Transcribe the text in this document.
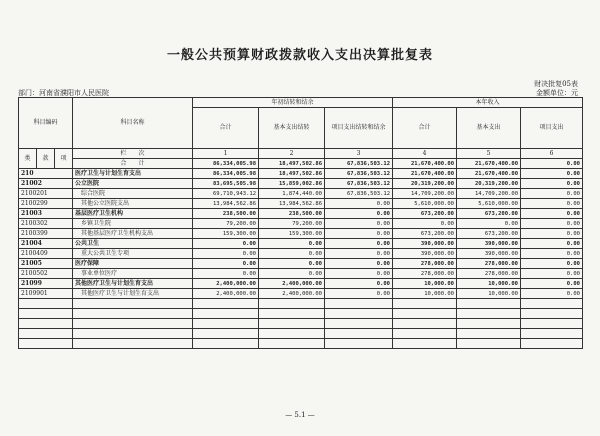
一般公共预算财政拨款收入支出决算批复表
财决批复05表
部门：河南省濮阳市人民医院	金额单位：元
科目编码			科目名称	年初结转和结余			本年收入		
				合计	基本支出结转	项目支出结转和结余	合计	基本支出	项目支出
类	款	项	栏　　次	1	2	3	4	5	6
			合　　计	86,334,005.98	18,497,502.86	67,836,503.12	21,670,400.00	21,670,400.00	0.00
210			医疗卫生与计划生育支出	86,334,005.98	18,497,502.86	67,836,503.12	21,670,400.00	21,670,400.00	0.00
21002			公立医院	83,695,505.98	15,859,002.86	67,836,503.12	20,319,200.00	20,319,200.00	0.00
2100201			综合医院	69,710,943.12	1,874,440.00	67,836,503.12	14,709,200.00	14,709,200.00	0.00
2100299			其他公立医院支出	13,984,562.86	13,984,562.86	0.00	5,610,000.00	5,610,000.00	0.00
21003			基层医疗卫生机构	238,500.00	238,500.00	0.00	673,200.00	673,200.00	0.00
2100302			乡镇卫生院	79,200.00	79,200.00	0.00	0.00	0.00	0.00
2100399			其他基层医疗卫生机构支出	159,300.00	159,300.00	0.00	673,200.00	673,200.00	0.00
21004			公共卫生	0.00	0.00	0.00	390,000.00	390,000.00	0.00
2100409			重大公共卫生专项	0.00	0.00	0.00	390,000.00	390,000.00	0.00
21005			医疗保障	0.00	0.00	0.00	278,000.00	278,000.00	0.00
2100502			事业单位医疗	0.00	0.00	0.00	278,000.00	278,000.00	0.00
21099			其他医疗卫生与计划生育支出	2,400,000.00	2,400,000.00	0.00	10,000.00	10,000.00	0.00
2109901			其他医疗卫生与计划生育支出	2,400,000.00	2,400,000.00	0.00	10,000.00	10,000.00	0.00

— 5.1 —
